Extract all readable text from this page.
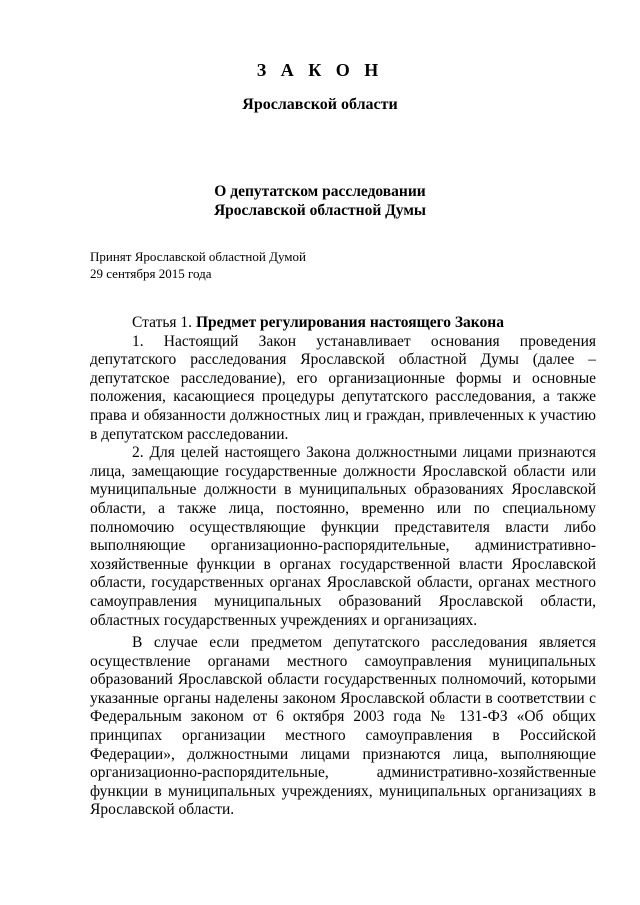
З А К О Н
Ярославской области
О депутатском расследовании
Ярославской областной Думы
Принят Ярославской областной Думой
29 сентября 2015 года

Статья 1. Предмет регулирования настоящего Закона

1. Настоящий Закон устанавливает основания проведения депутатского расследования Ярославской областной Думы (далее – депутатское расследование), его организационные формы и основные положения, касающиеся процедуры депутатского расследования, а также права и обязанности должностных лиц и граждан, привлеченных к участию в депутатском расследовании.

2. Для целей настоящего Закона должностными лицами признаются лица, замещающие государственные должности Ярославской области или муниципальные должности в муниципальных образованиях Ярославской области, а также лица, постоянно, временно или по специальному полномочию осуществляющие функции представителя власти либо выполняющие организационно-распорядительные, административно-хозяйственные функции в органах государственной власти Ярославской области, государственных органах Ярославской области, органах местного самоуправления муниципальных образований Ярославской области, областных государственных учреждениях и организациях.

В случае если предметом депутатского расследования является осуществление органами местного самоуправления муниципальных образований Ярославской области государственных полномочий, которыми указанные органы наделены законом Ярославской области в соответствии с Федеральным законом от 6 октября 2003 года № 131-ФЗ «Об общих принципах организации местного самоуправления в Российской Федерации», должностными лицами признаются лица, выполняющие организационно-распорядительные, административно-хозяйственные функции в муниципальных учреждениях, муниципальных организациях в Ярославской области.
